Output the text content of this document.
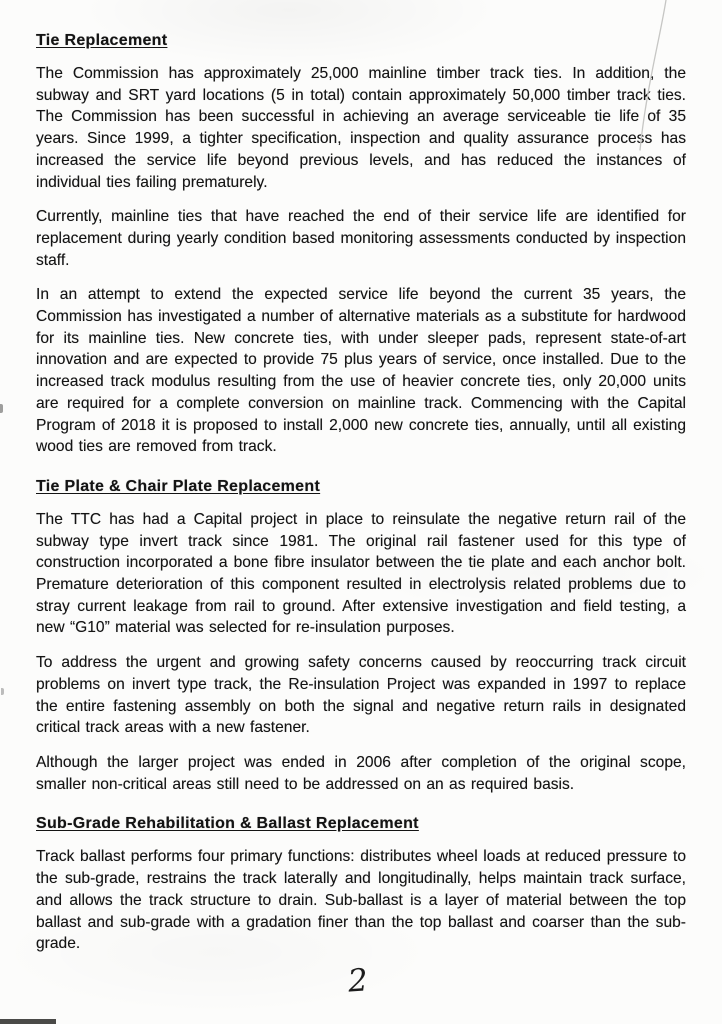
Tie Replacement

The Commission has approximately 25,000 mainline timber track ties. In addition, the subway and SRT yard locations (5 in total) contain approximately 50,000 timber track ties. The Commission has been successful in achieving an average serviceable tie life of 35 years. Since 1999, a tighter specification, inspection and quality assurance process has increased the service life beyond previous levels, and has reduced the instances of individual ties failing prematurely.

Currently, mainline ties that have reached the end of their service life are identified for replacement during yearly condition based monitoring assessments conducted by inspection staff.

In an attempt to extend the expected service life beyond the current 35 years, the Commission has investigated a number of alternative materials as a substitute for hardwood for its mainline ties. New concrete ties, with under sleeper pads, represent state-of-art innovation and are expected to provide 75 plus years of service, once installed. Due to the increased track modulus resulting from the use of heavier concrete ties, only 20,000 units are required for a complete conversion on mainline track. Commencing with the Capital Program of 2018 it is proposed to install 2,000 new concrete ties, annually, until all existing wood ties are removed from track.

Tie Plate & Chair Plate Replacement

The TTC has had a Capital project in place to reinsulate the negative return rail of the subway type invert track since 1981. The original rail fastener used for this type of construction incorporated a bone fibre insulator between the tie plate and each anchor bolt. Premature deterioration of this component resulted in electrolysis related problems due to stray current leakage from rail to ground. After extensive investigation and field testing, a new “G10” material was selected for re-insulation purposes.

To address the urgent and growing safety concerns caused by reoccurring track circuit problems on invert type track, the Re-insulation Project was expanded in 1997 to replace the entire fastening assembly on both the signal and negative return rails in designated critical track areas with a new fastener.

Although the larger project was ended in 2006 after completion of the original scope, smaller non-critical areas still need to be addressed on an as required basis.

Sub-Grade Rehabilitation & Ballast Replacement

Track ballast performs four primary functions: distributes wheel loads at reduced pressure to the sub-grade, restrains the track laterally and longitudinally, helps maintain track surface, and allows the track structure to drain. Sub-ballast is a layer of material between the top ballast and sub-grade with a gradation finer than the top ballast and coarser than the sub-grade.

2
